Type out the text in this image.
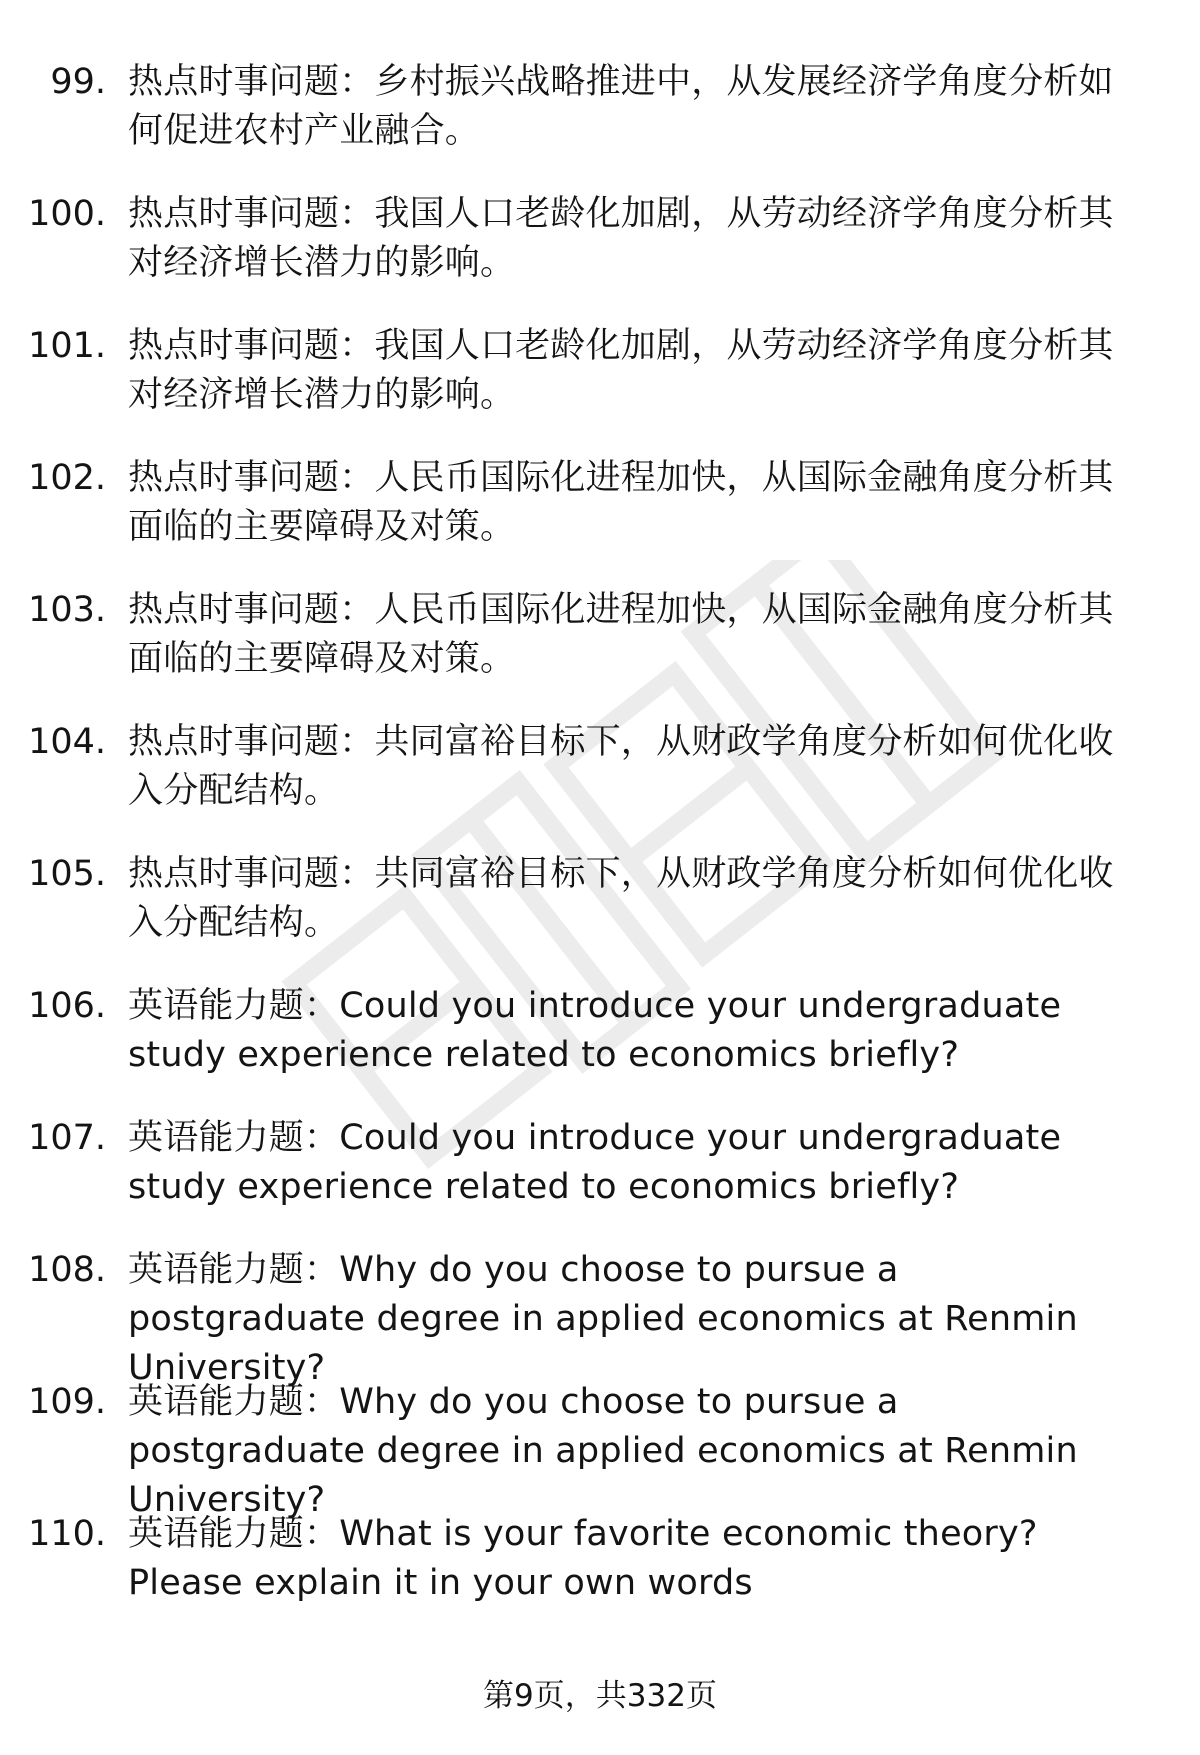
99. 热点时事问题：乡村振兴战略推进中，从发展经济学角度分析如何促进农村产业融合。
100. 热点时事问题：我国人口老龄化加剧，从劳动经济学角度分析其对经济增长潜力的影响。
101. 热点时事问题：我国人口老龄化加剧，从劳动经济学角度分析其对经济增长潜力的影响。
102. 热点时事问题：人民币国际化进程加快，从国际金融角度分析其面临的主要障碍及对策。
103. 热点时事问题：人民币国际化进程加快，从国际金融角度分析其面临的主要障碍及对策。
104. 热点时事问题：共同富裕目标下，从财政学角度分析如何优化收入分配结构。
105. 热点时事问题：共同富裕目标下，从财政学角度分析如何优化收入分配结构。
106. 英语能力题：Could you introduce your undergraduate study experience related to economics briefly?
107. 英语能力题：Could you introduce your undergraduate study experience related to economics briefly?
108. 英语能力题：Why do you choose to pursue a postgraduate degree in applied economics at Renmin University?
109. 英语能力题：Why do you choose to pursue a postgraduate degree in applied economics at Renmin University?
110. 英语能力题：What is your favorite economic theory? Please explain it in your own words
第9页，共332页
